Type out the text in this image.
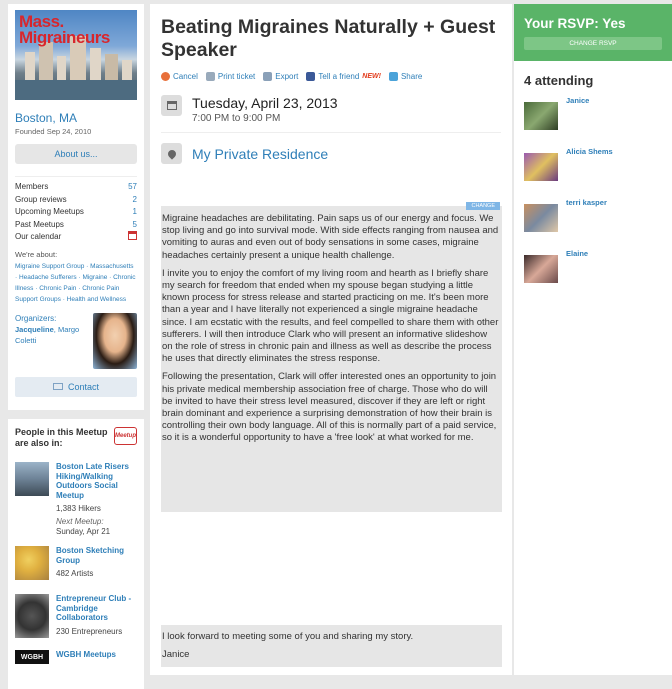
Mass. Migraineurs
Boston, MA
Founded Sep 24, 2010
About us...
Members	57
Group reviews	2
Upcoming Meetups	1
Past Meetups	5
Our calendar
We're about:
Migraine Support Group · Massachusetts · Headache Sufferers · Migraine · Chronic Illness · Chronic Pain · Chronic Pain Support Groups · Health and Wellness
Organizers:
Jacqueline, Margo Coletti
Contact
People in this Meetup are also in:
Meetup
Boston Late Risers Hiking/Walking Outdoors Social Meetup
1,383 Hikers
Next Meetup:
Sunday, Apr 21
Boston Sketching Group
482 Artists
Entrepreneur Club - Cambridge Collaborators
230 Entrepreneurs
WGBH	WGBH Meetups
Beating Migraines Naturally + Guest Speaker
Cancel	Print ticket	Export	Tell a friend NEW!	Share
Tuesday, April 23, 2013
7:00 PM to 9:00 PM
My Private Residence
CHANGE

Migraine headaches are debilitating. Pain saps us of our energy and focus. We stop living and go into survival mode. With side effects ranging from nausea and vomiting to auras and even out of body sensations in some cases, migraine headaches certainly present a unique health challenge.

I invite you to enjoy the comfort of my living room and hearth as I briefly share my search for freedom that ended when my spouse began studying a little known process for stress release and started practicing on me. It's been more than a year and I have literally not experienced a single migraine headache since. I am ecstatic with the results, and feel compelled to share them with other sufferers. I will then introduce Clark who will present an informative slideshow on the role of stress in chronic pain and illness as well as describe the process he uses that directly eliminates the stress response.

Following the presentation, Clark will offer interested ones an opportunity to join his private medical membership association free of charge. Those who do will be invited to have their stress level measured, discover if they are left or right brain dominant and experience a surprising demonstration of how their brain is controlling their own body language. All of this is normally part of a paid service, so it is a wonderful opportunity to have a 'free look' at what worked for me.

I look forward to meeting some of you and sharing my story.

Janice

Your RSVP: Yes
CHANGE RSVP
4 attending
Janice
Alicia Shems
terri kasper
Elaine
